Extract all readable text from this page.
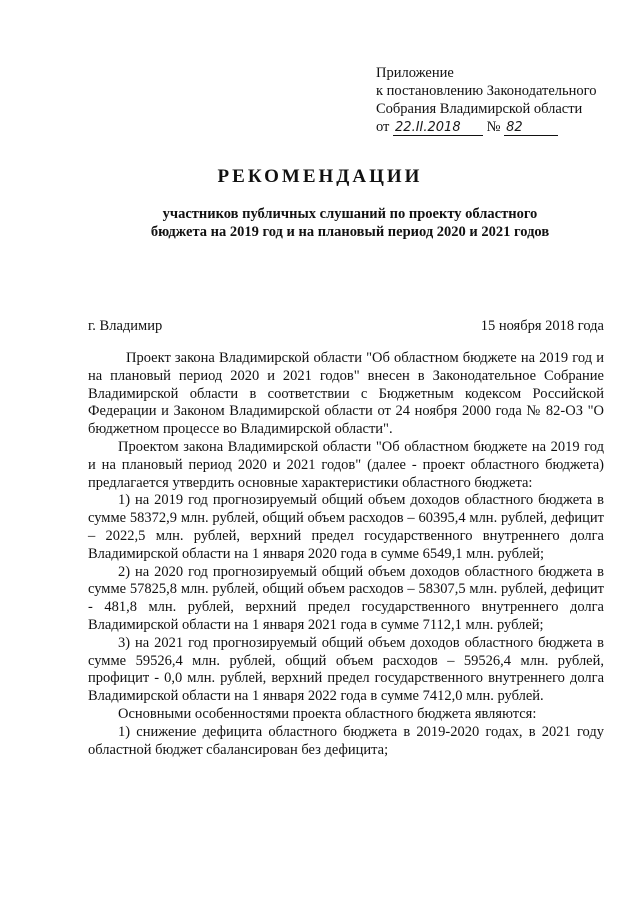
Приложение
к постановлению Законодательного
Собрания Владимирской области
от 22.II.2018 № 82
РЕКОМЕНДАЦИИ
участников публичных слушаний по проекту областного бюджета на 2019 год и на плановый период 2020 и 2021 годов
г. Владимир	15 ноября 2018 года

Проект закона Владимирской области "Об областном бюджете на 2019 год и на плановый период 2020 и 2021 годов" внесен в Законодательное Собрание Владимирской области в соответствии с Бюджетным кодексом Российской Федерации и Законом Владимирской области от 24 ноября 2000 года № 82-ОЗ "О бюджетном процессе во Владимирской области".

Проектом закона Владимирской области "Об областном бюджете на 2019 год и на плановый период 2020 и 2021 годов" (далее - проект областного бюджета) предлагается утвердить основные характеристики областного бюджета:

1) на 2019 год прогнозируемый общий объем доходов областного бюджета в сумме 58372,9 млн. рублей, общий объем расходов – 60395,4 млн. рублей, дефицит – 2022,5 млн. рублей, верхний предел государственного внутреннего долга Владимирской области на 1 января 2020 года в сумме 6549,1 млн. рублей;

2) на 2020 год прогнозируемый общий объем доходов областного бюджета в сумме 57825,8 млн. рублей, общий объем расходов – 58307,5 млн. рублей, дефицит - 481,8 млн. рублей, верхний предел государственного внутреннего долга Владимирской области на 1 января 2021 года в сумме 7112,1 млн. рублей;

3) на 2021 год прогнозируемый общий объем доходов областного бюджета в сумме 59526,4 млн. рублей, общий объем расходов – 59526,4 млн. рублей, профицит - 0,0 млн. рублей, верхний предел государственного внутреннего долга Владимирской области на 1 января 2022 года в сумме 7412,0 млн. рублей.

Основными особенностями проекта областного бюджета являются:

1) снижение дефицита областного бюджета в 2019-2020 годах, в 2021 году областной бюджет сбалансирован без дефицита;
